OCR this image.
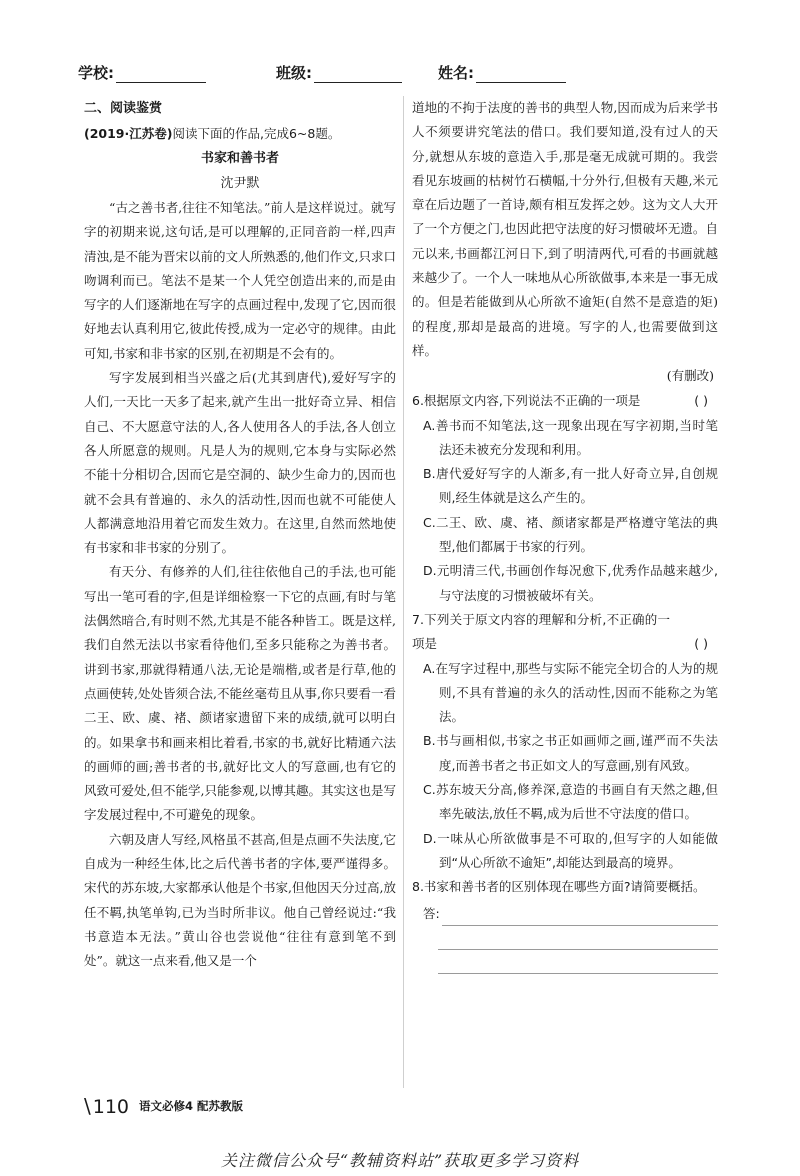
学校:	班级:	姓名:
二、阅读鉴赏
(2019·江苏卷)阅读下面的作品,完成6~8题。
书家和善书者
沈尹默

“古之善书者,往往不知笔法。”前人是这样说过。就写字的初期来说,这句话,是可以理解的,正同音韵一样,四声清浊,是不能为晋宋以前的文人所熟悉的,他们作文,只求口吻调利而已。笔法不是某一个人凭空创造出来的,而是由写字的人们逐渐地在写字的点画过程中,发现了它,因而很好地去认真利用它,彼此传授,成为一定必守的规律。由此可知,书家和非书家的区别,在初期是不会有的。

写字发展到相当兴盛之后(尤其到唐代),爱好写字的人们,一天比一天多了起来,就产生出一批好奇立异、相信自己、不大愿意守法的人,各人使用各人的手法,各人创立各人所愿意的规则。凡是人为的规则,它本身与实际必然不能十分相切合,因而它是空洞的、缺少生命力的,因而也就不会具有普遍的、永久的活动性,因而也就不可能使人人都满意地沿用着它而发生效力。在这里,自然而然地使有书家和非书家的分别了。

有天分、有修养的人们,往往依他自己的手法,也可能写出一笔可看的字,但是详细检察一下它的点画,有时与笔法偶然暗合,有时则不然,尤其是不能各种皆工。既是这样,我们自然无法以书家看待他们,至多只能称之为善书者。讲到书家,那就得精通八法,无论是端楷,或者是行草,他的点画使转,处处皆须合法,不能丝毫苟且从事,你只要看一看二王、欧、虞、褚、颜诸家遗留下来的成绩,就可以明白的。如果拿书和画来相比着看,书家的书,就好比精通六法的画师的画;善书者的书,就好比文人的写意画,也有它的风致可爱处,但不能学,只能参观,以博其趣。其实这也是写字发展过程中,不可避免的现象。

六朝及唐人写经,风格虽不甚高,但是点画不失法度,它自成为一种经生体,比之后代善书者的字体,要严谨得多。宋代的苏东坡,大家都承认他是个书家,但他因天分过高,放任不羁,执笔单钩,已为当时所非议。他自己曾经说过:“我书意造本无法。”黄山谷也尝说他“往往有意到笔不到处”。就这一点来看,他又是一个

道地的不拘于法度的善书的典型人物,因而成为后来学书人不须要讲究笔法的借口。我们要知道,没有过人的天分,就想从东坡的意造入手,那是毫无成就可期的。我尝看见东坡画的枯树竹石横幅,十分外行,但极有天趣,米元章在后边题了一首诗,颇有相互发挥之妙。这为文人大开了一个方便之门,也因此把守法度的好习惯破坏无遗。自元以来,书画都江河日下,到了明清两代,可看的书画就越来越少了。一个人一味地从心所欲做事,本来是一事无成的。但是若能做到从心所欲不逾矩(自然不是意造的矩)的程度,那却是最高的进境。写字的人,也需要做到这样。

(有删改)
6.根据原文内容,下列说法不正确的一项是	( )
A.善书而不知笔法,这一现象出现在写字初期,当时笔法还未被充分发现和利用。
B.唐代爱好写字的人渐多,有一批人好奇立异,自创规则,经生体就是这么产生的。
C.二王、欧、虞、褚、颜诸家都是严格遵守笔法的典型,他们都属于书家的行列。
D.元明清三代,书画创作每况愈下,优秀作品越来越少,与守法度的习惯被破坏有关。
7.下列关于原文内容的理解和分析,不正确的一项是	( )
A.在写字过程中,那些与实际不能完全切合的人为的规则,不具有普遍的永久的活动性,因而不能称之为笔法。
B.书与画相似,书家之书正如画师之画,谨严而不失法度,而善书者之书正如文人的写意画,别有风致。
C.苏东坡天分高,修养深,意造的书画自有天然之趣,但率先破法,放任不羁,成为后世不守法度的借口。
D.一味从心所欲做事是不可取的,但写字的人如能做到“从心所欲不逾矩”,却能达到最高的境界。
8.书家和善书者的区别体现在哪些方面?请简要概括。
答:
\ 110 语文必修4 配苏教版
关注微信公众号“教辅资料站”获取更多学习资料
